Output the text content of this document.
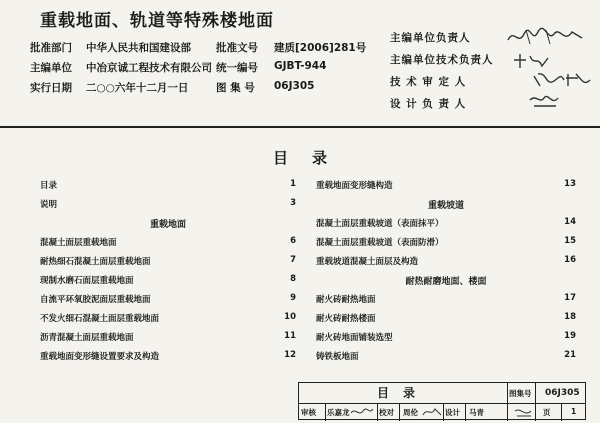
重载地面、轨道等特殊楼地面
批准部门 中华人民共和国建设部 批准文号 建质[2006]281号
主编单位 中冶京诚工程技术有限公司 统一编号 GJBT-944
实行日期 二○○六年十二月一日	图 集 号 06J305
主编单位负责人
主编单位技术负责人
技 术 审 定 人
设 计 负 责 人
目录
目录	1
说明	3
重载地面
混凝土面层重载地面	6
耐热细石混凝土面层重载地面	7
现制水磨石面层重载地面	8
自流平环氧胶泥面层重载地面	9
不发火细石混凝土面层重载地面	10
沥青混凝土面层重载地面	11
重载地面变形缝设置要求及构造	12
重载地面变形缝构造	13
重载坡道
混凝土面层重载坡道（表面抹平）	14
混凝土面层重载坡道（表面防滑）	15
重载坡道混凝土面层及构造	16
耐热耐磨地面、楼面
耐火砖耐热地面	17
耐火砖耐热楼面	18
耐火砖地面铺装选型	19
铸铁板地面	21
目录	图集号 06J305
审核 乐嘉龙	校对 周伦	设计 马青	页	1
